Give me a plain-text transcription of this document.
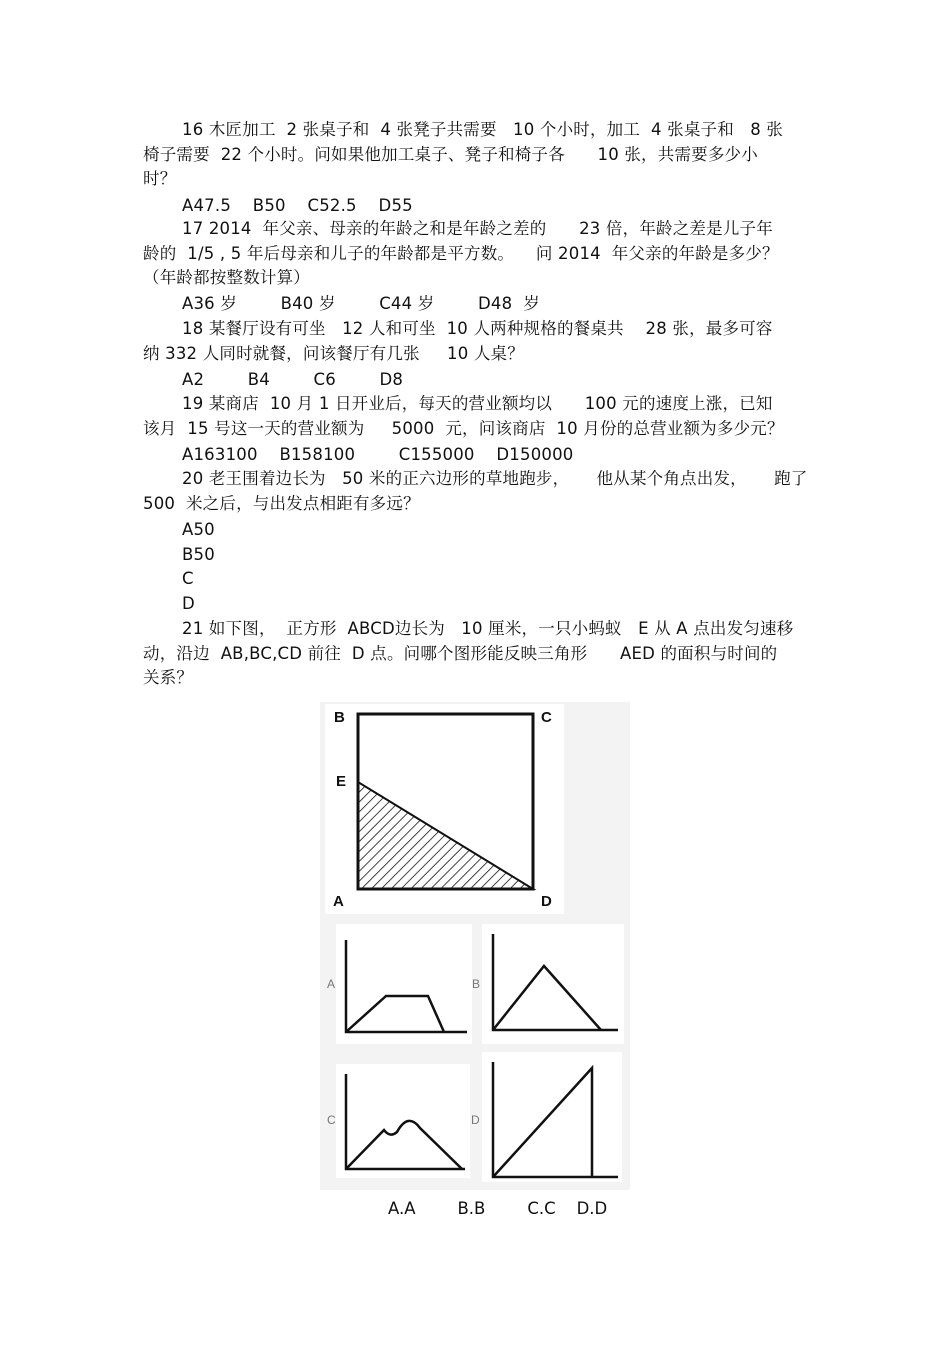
16 木匠加工  2 张桌子和  4 张凳子共需要   10 个小时，加工  4 张桌子和   8 张
椅子需要  22 个小时。问如果他加工桌子、凳子和椅子各      10 张，共需要多少小
时？
A47.5    B50    C52.5    D55
17 2014  年父亲、母亲的年龄之和是年龄之差的      23 倍，年龄之差是儿子年
龄的  1/5 , 5 年后母亲和儿子的年龄都是平方数。    问 2014  年父亲的年龄是多少？
（年龄都按整数计算）
A36 岁        B40 岁        C44 岁        D48  岁
18 某餐厅设有可坐   12 人和可坐  10 人两种规格的餐桌共    28 张，最多可容
纳 332 人同时就餐，问该餐厅有几张     10 人桌？
A2        B4        C6        D8
19 某商店  10 月 1 日开业后，每天的营业额均以      100 元的速度上涨，已知
该月  15 号这一天的营业额为     5000  元，问该商店  10 月份的总营业额为多少元？
A163100    B158100        C155000    D150000
20 老王围着边长为   50 米的正六边形的草地跑步，     他从某个角点出发，     跑了
500  米之后，与出发点相距有多远？
A50
B50
C
D
21 如下图，  正方形  ABCD边长为   10 厘米，一只小蚂蚁   E 从 A 点出发匀速移
动，沿边  AB,BC,CD 前往  D 点。问哪个图形能反映三角形      AED 的面积与时间的
关系？
B	C
E
A	D
A	B
C	D
A.A        B.B        C.C    D.D
